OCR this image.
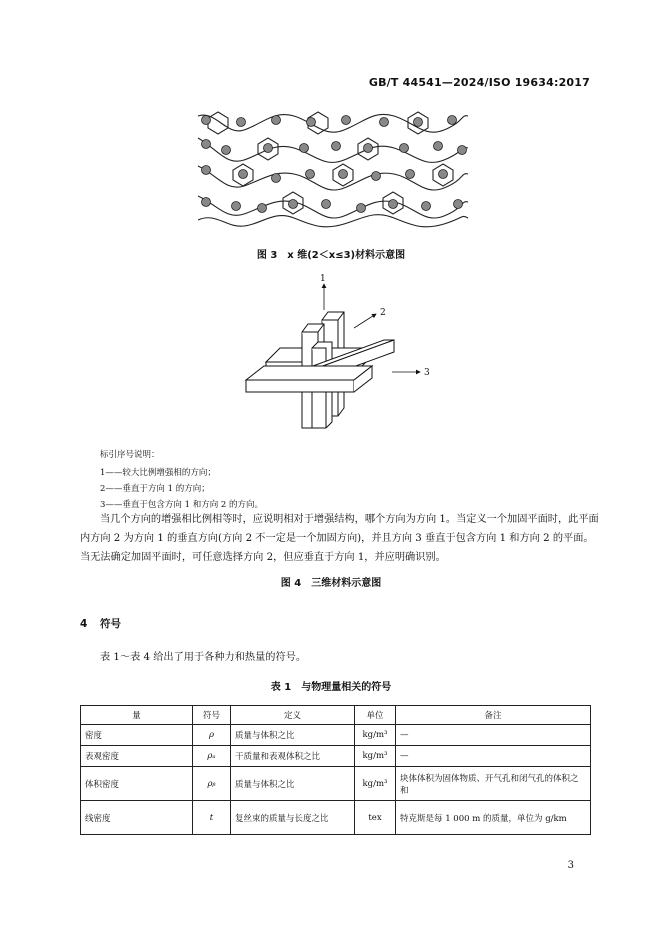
GB/T 44541—2024/ISO 19634:2017
图 3　x 维(2＜x≤3)材料示意图
1
2
3
标引序号说明：
1——较大比例增强相的方向；
2——垂直于方向 1 的方向；
3——垂直于包含方向 1 和方向 2 的方向。
当几个方向的增强相比例相等时，应说明相对于增强结构，哪个方向为方向 1。当定义一个加固平面时，此平面内方向 2 为方向 1 的垂直方向(方向 2 不一定是一个加固方向)，并且方向 3 垂直于包含方向 1 和方向 2 的平面。当无法确定加固平面时，可任意选择方向 2，但应垂直于方向 1，并应明确识别。
图 4　三维材料示意图
4 符号
表 1～表 4 给出了用于各种力和热量的符号。
表 1　与物理量相关的符号
量	符号	定义	单位	备注
密度	ρ	质量与体积之比	kg/m³	—
表观密度	ρₐ	干质量和表观体积之比	kg/m³	—
体积密度	ρᵦ	质量与体积之比	kg/m³	块体体积为固体物质、开气孔和闭气孔的体积之和
线密度	t	复丝束的质量与长度之比	tex	特克斯是每 1 000 m 的质量，单位为 g/km
3
